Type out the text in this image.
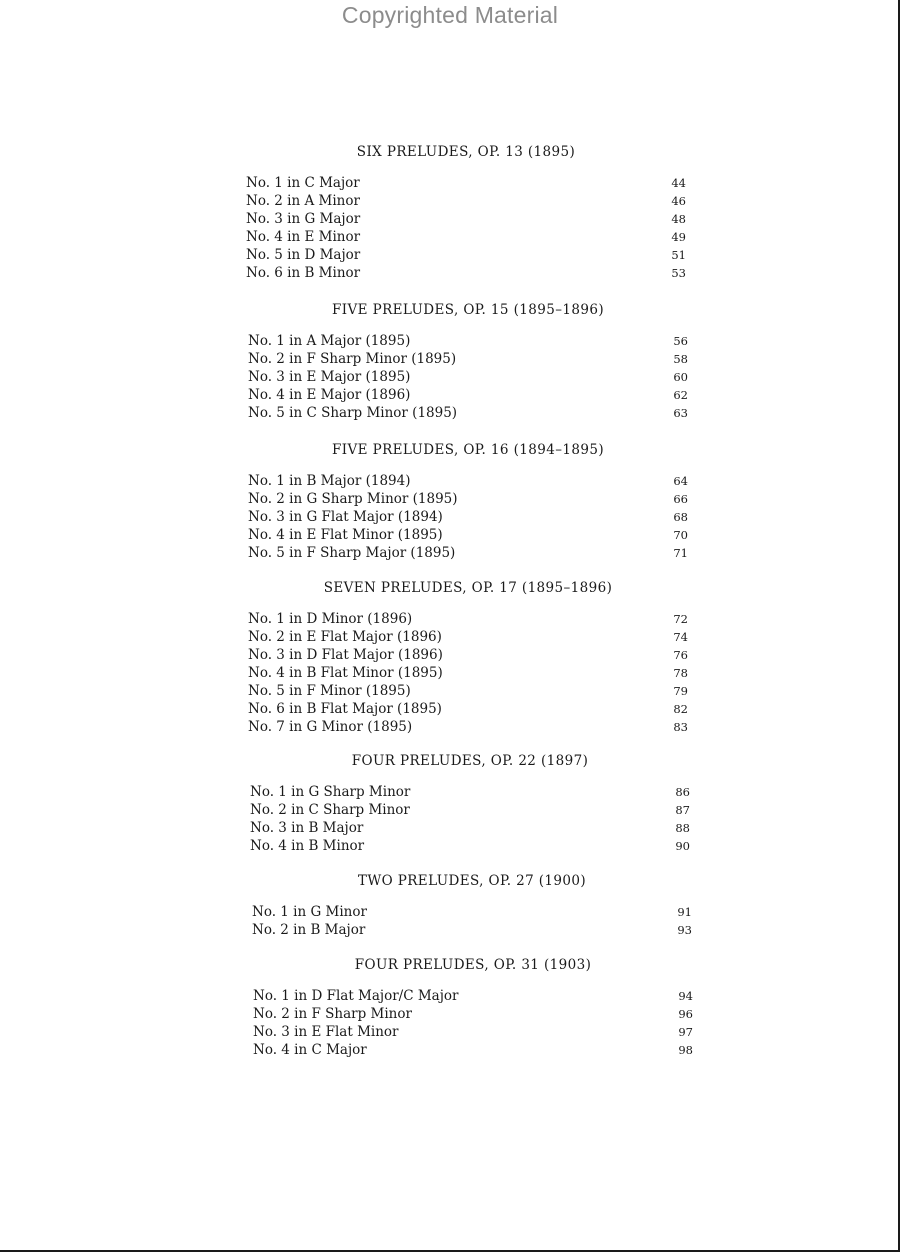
Copyrighted Material
SIX PRELUDES, OP. 13 (1895)
No. 1 in C Major	44
No. 2 in A Minor	46
No. 3 in G Major	48
No. 4 in E Minor	49
No. 5 in D Major	51
No. 6 in B Minor	53
FIVE PRELUDES, OP. 15 (1895–1896)
No. 1 in A Major (1895)	56
No. 2 in F Sharp Minor (1895)	58
No. 3 in E Major (1895)	60
No. 4 in E Major (1896)	62
No. 5 in C Sharp Minor (1895)	63
FIVE PRELUDES, OP. 16 (1894–1895)
No. 1 in B Major (1894)	64
No. 2 in G Sharp Minor (1895)	66
No. 3 in G Flat Major (1894)	68
No. 4 in E Flat Minor (1895)	70
No. 5 in F Sharp Major (1895)	71
SEVEN PRELUDES, OP. 17 (1895–1896)
No. 1 in D Minor (1896)	72
No. 2 in E Flat Major (1896)	74
No. 3 in D Flat Major (1896)	76
No. 4 in B Flat Minor (1895)	78
No. 5 in F Minor (1895)	79
No. 6 in B Flat Major (1895)	82
No. 7 in G Minor (1895)	83
FOUR PRELUDES, OP. 22 (1897)
No. 1 in G Sharp Minor	86
No. 2 in C Sharp Minor	87
No. 3 in B Major	88
No. 4 in B Minor	90
TWO PRELUDES, OP. 27 (1900)
No. 1 in G Minor	91
No. 2 in B Major	93
FOUR PRELUDES, OP. 31 (1903)
No. 1 in D Flat Major/C Major	94
No. 2 in F Sharp Minor	96
No. 3 in E Flat Minor	97
No. 4 in C Major	98
